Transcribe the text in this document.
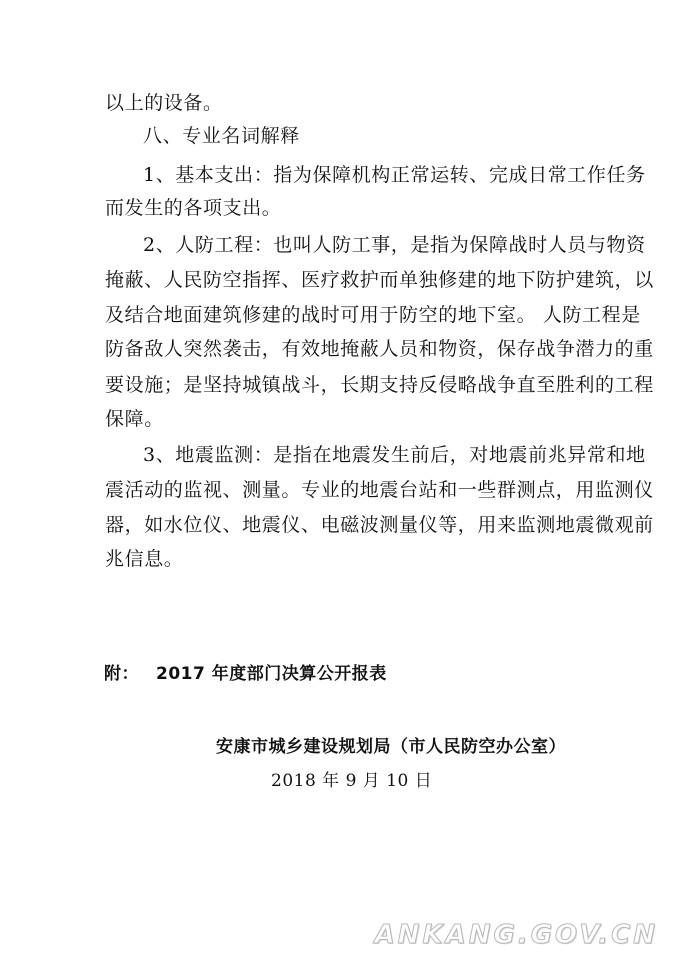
以上的设备。
八、专业名词解释
1、基本支出：指为保障机构正常运转、完成日常工作任务
而发生的各项支出。
2、人防工程：也叫人防工事，是指为保障战时人员与物资
掩蔽、人民防空指挥、医疗救护而单独修建的地下防护建筑，以
及结合地面建筑修建的战时可用于防空的地下室。 人防工程是
防备敌人突然袭击，有效地掩蔽人员和物资，保存战争潜力的重
要设施；是坚持城镇战斗，长期支持反侵略战争直至胜利的工程
保障。
3、地震监测：是指在地震发生前后，对地震前兆异常和地
震活动的监视、测量。专业的地震台站和一些群测点，用监测仪
器，如水位仪、地震仪、电磁波测量仪等，用来监测地震微观前
兆信息。
附： 2017 年度部门决算公开报表
安康市城乡建设规划局（市人民防空办公室）
2018 年 9 月 10 日
ANKANG.GOV.CN
